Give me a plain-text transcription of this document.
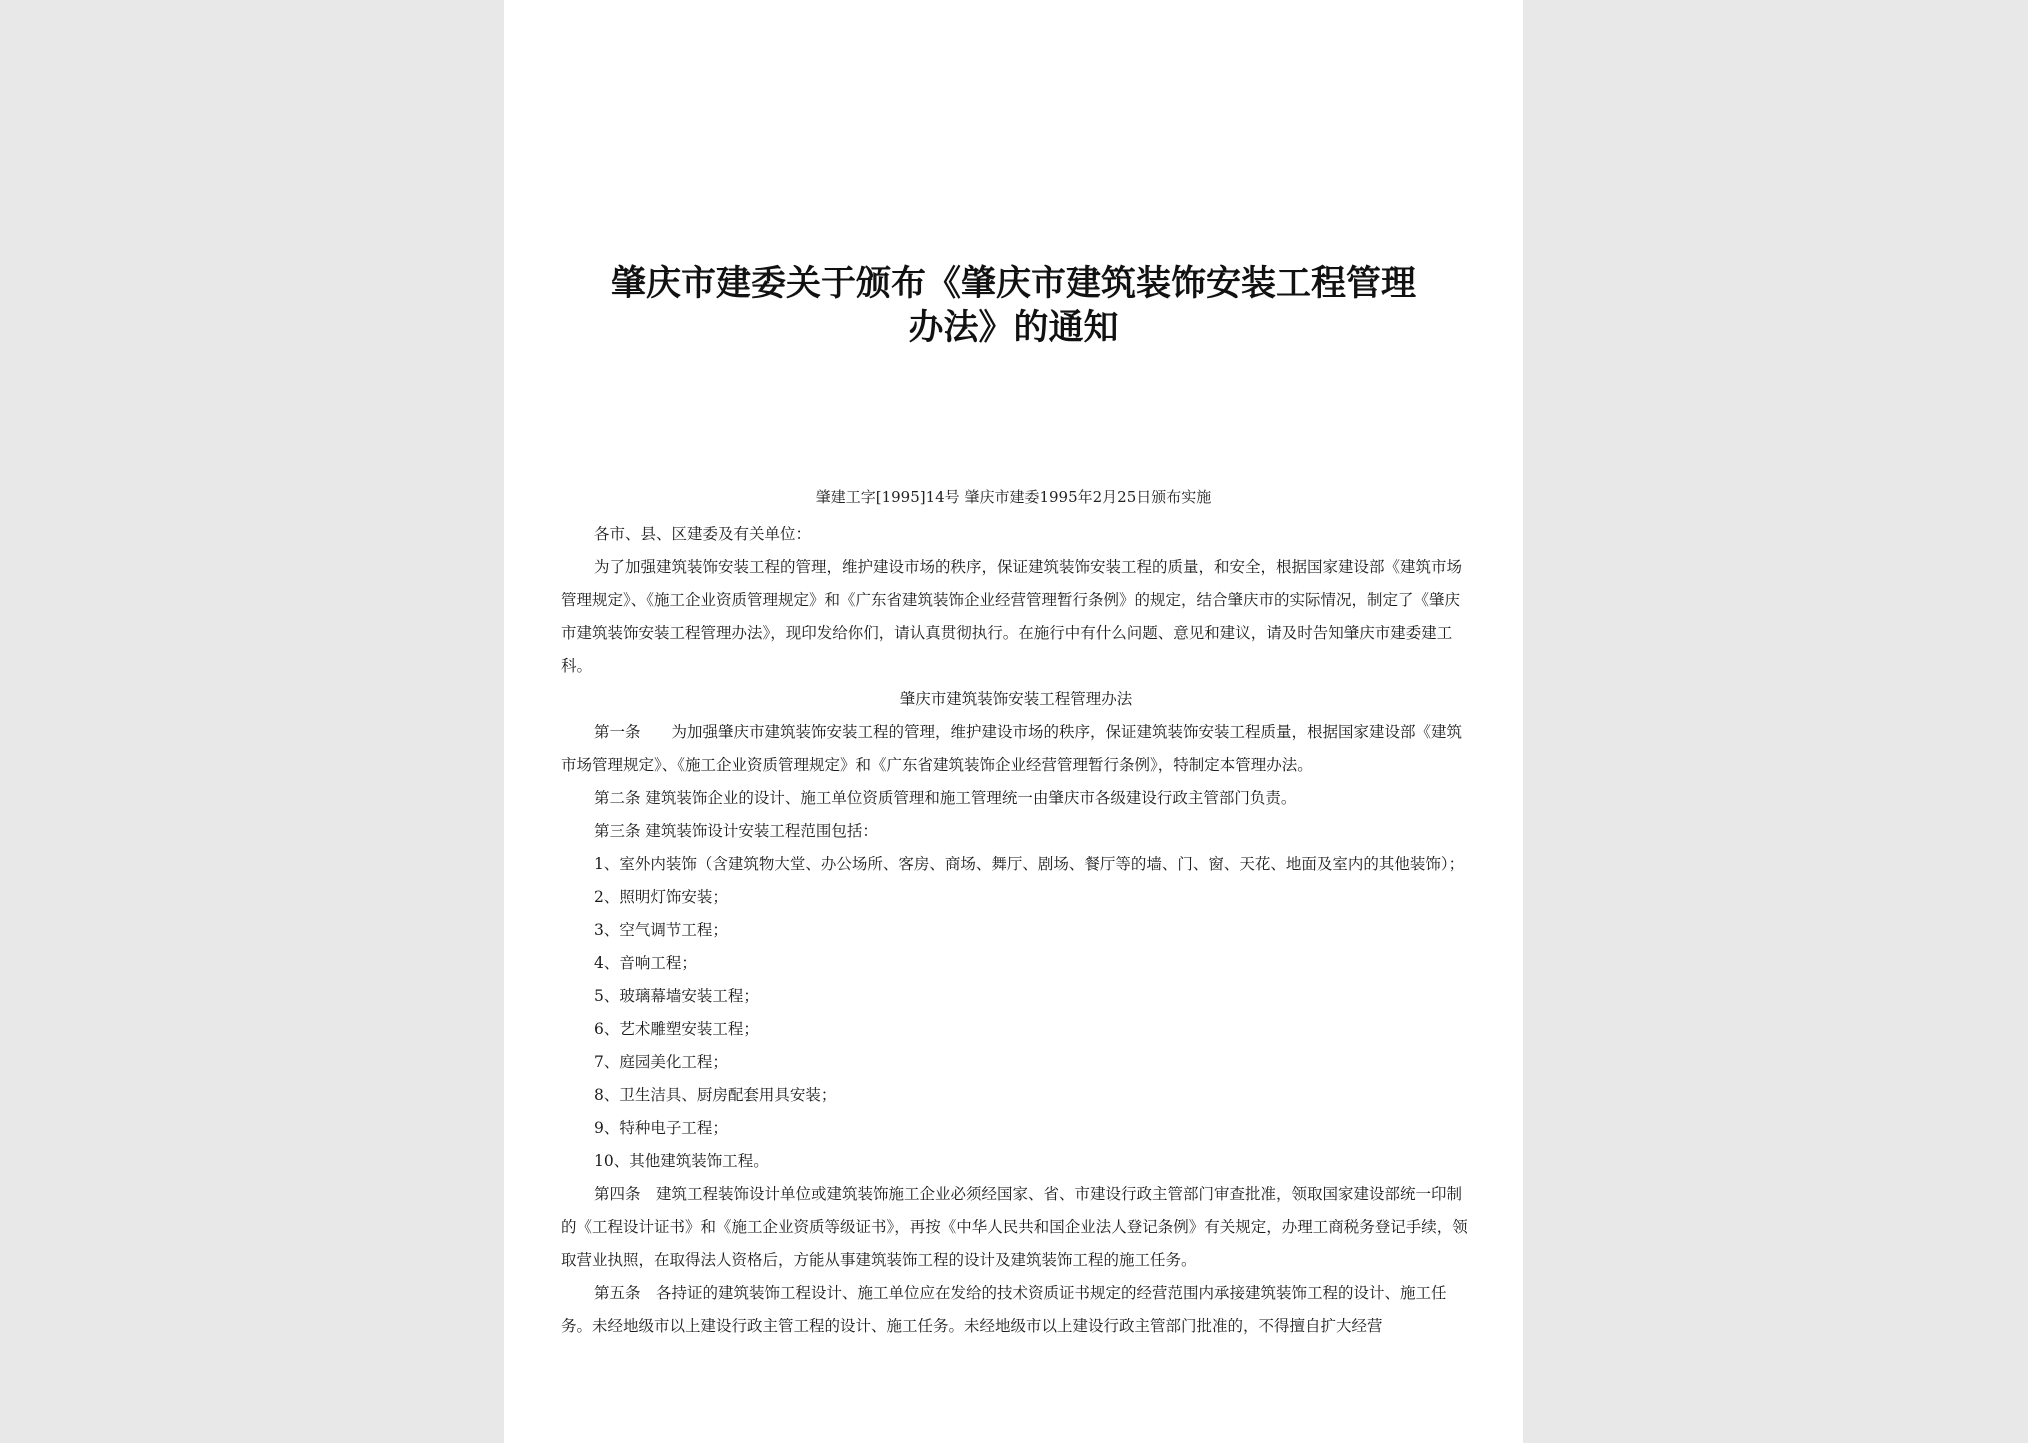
肇庆市建委关于颁布《肇庆市建筑装饰安装工程管理
办法》的通知
肇建工字[1995]14号 肇庆市建委1995年2月25日颁布实施

各市、县、区建委及有关单位：

为了加强建筑装饰安装工程的管理，维护建设市场的秩序，保证建筑装饰安装工程的质量，和安全，根据国家建设部《建筑市场管理规定》、《施工企业资质管理规定》和《广东省建筑装饰企业经营管理暂行条例》的规定，结合肇庆市的实际情况，制定了《肇庆市建筑装饰安装工程管理办法》，现印发给你们，请认真贯彻执行。在施行中有什么问题、意见和建议，请及时告知肇庆市建委建工科。

肇庆市建筑装饰安装工程管理办法

第一条　　为加强肇庆市建筑装饰安装工程的管理，维护建设市场的秩序，保证建筑装饰安装工程质量，根据国家建设部《建筑市场管理规定》、《施工企业资质管理规定》和《广东省建筑装饰企业经营管理暂行条例》，特制定本管理办法。

第二条 建筑装饰企业的设计、施工单位资质管理和施工管理统一由肇庆市各级建设行政主管部门负责。

第三条 建筑装饰设计安装工程范围包括：

1、室外内装饰（含建筑物大堂、办公场所、客房、商场、舞厅、剧场、餐厅等的墙、门、窗、天花、地面及室内的其他装饰）；

2、照明灯饰安装；

3、空气调节工程；

4、音响工程；

5、玻璃幕墙安装工程；

6、艺术雕塑安装工程；

7、庭园美化工程；

8、卫生洁具、厨房配套用具安装；

9、特种电子工程；

10、其他建筑装饰工程。

第四条　建筑工程装饰设计单位或建筑装饰施工企业必须经国家、省、市建设行政主管部门审查批准，领取国家建设部统一印制的《工程设计证书》和《施工企业资质等级证书》，再按《中华人民共和国企业法人登记条例》有关规定，办理工商税务登记手续，领取营业执照，在取得法人资格后，方能从事建筑装饰工程的设计及建筑装饰工程的施工任务。

第五条　各持证的建筑装饰工程设计、施工单位应在发给的技术资质证书规定的经营范围内承接建筑装饰工程的设计、施工任务。未经地级市以上建设行政主管工程的设计、施工任务。未经地级市以上建设行政主管部门批准的，不得擅自扩大经营
